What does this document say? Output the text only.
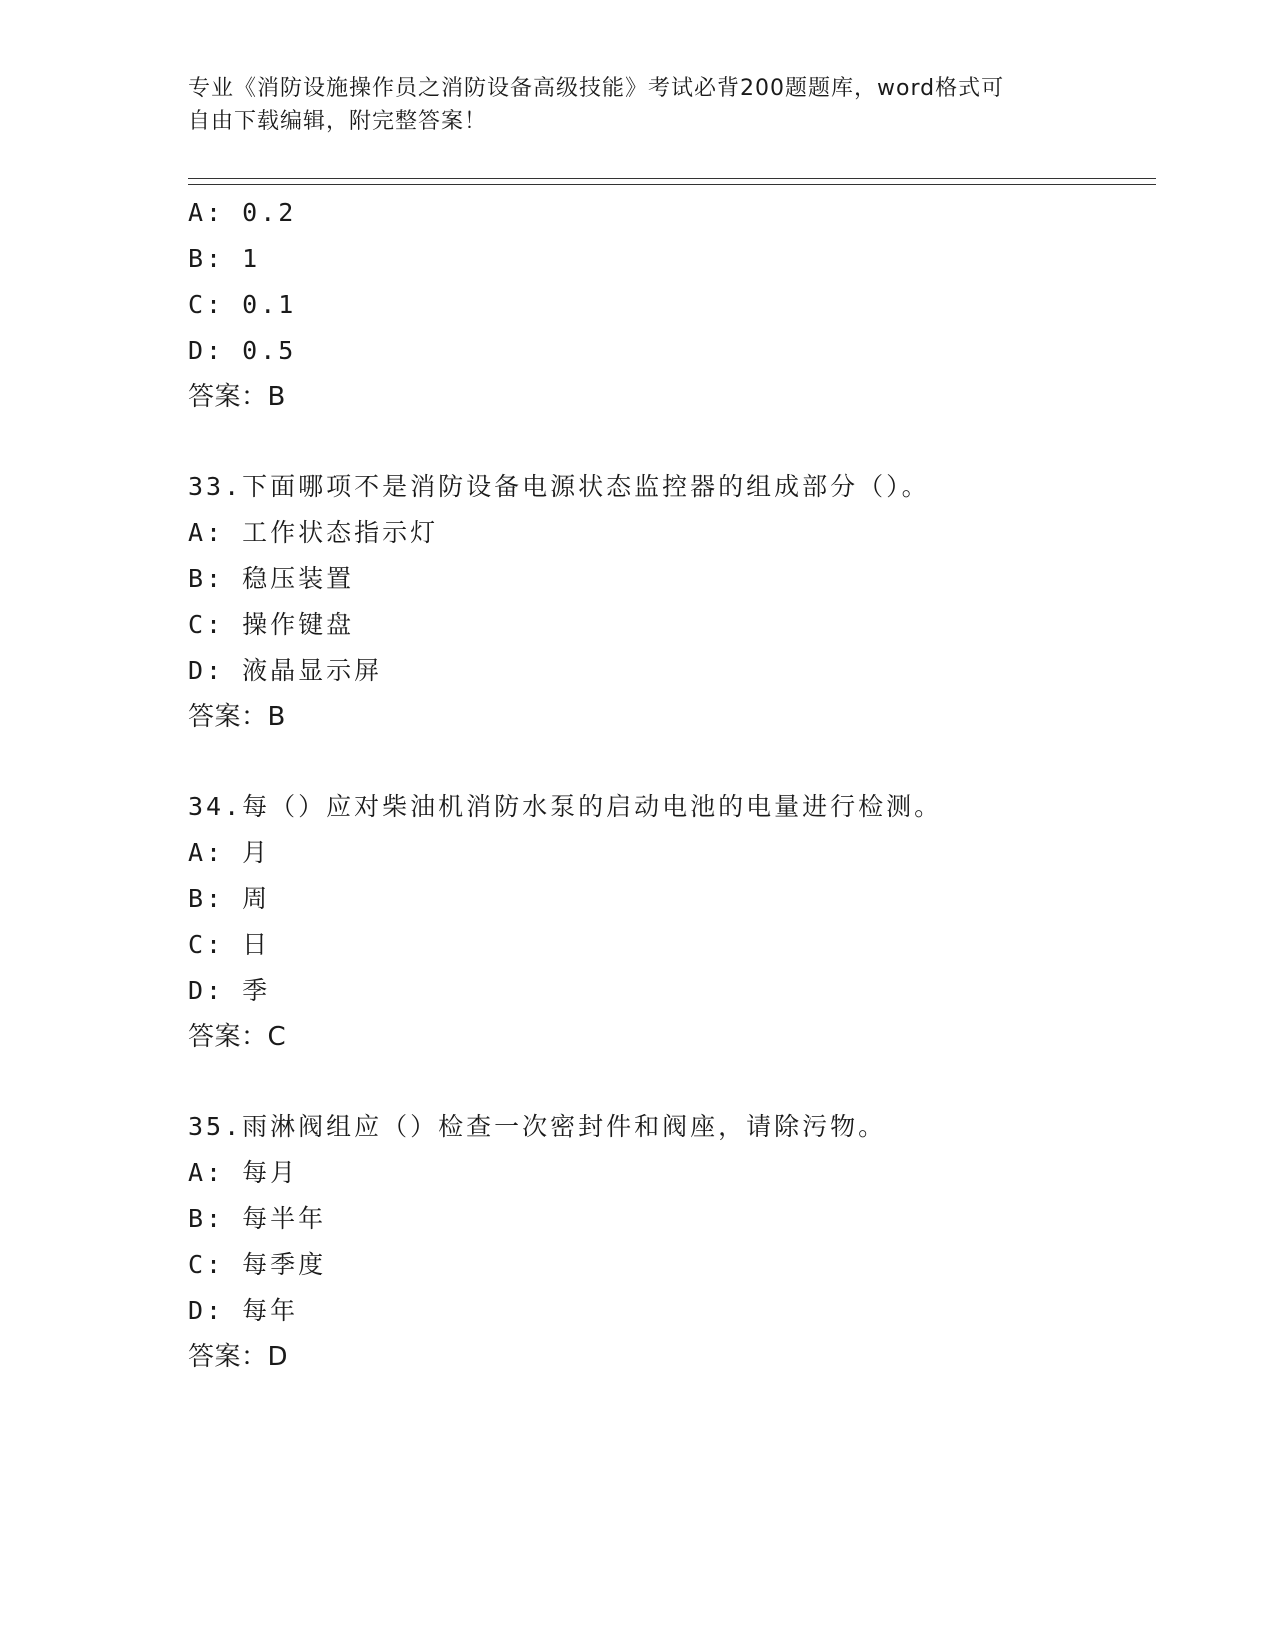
专业《消防设施操作员之消防设备高级技能》考试必背200题题库，word格式可
自由下载编辑，附完整答案！
A: 0.2
B: 1
C: 0.1
D: 0.5
答案：B
33.下面哪项不是消防设备电源状态监控器的组成部分（）。
A: 工作状态指示灯
B: 稳压装置
C: 操作键盘
D: 液晶显示屏
答案：B
34.每（）应对柴油机消防水泵的启动电池的电量进行检测。
A: 月
B: 周
C: 日
D: 季
答案：C
35.雨淋阀组应（）检查一次密封件和阀座，请除污物。
A: 每月
B: 每半年
C: 每季度
D: 每年
答案：D
